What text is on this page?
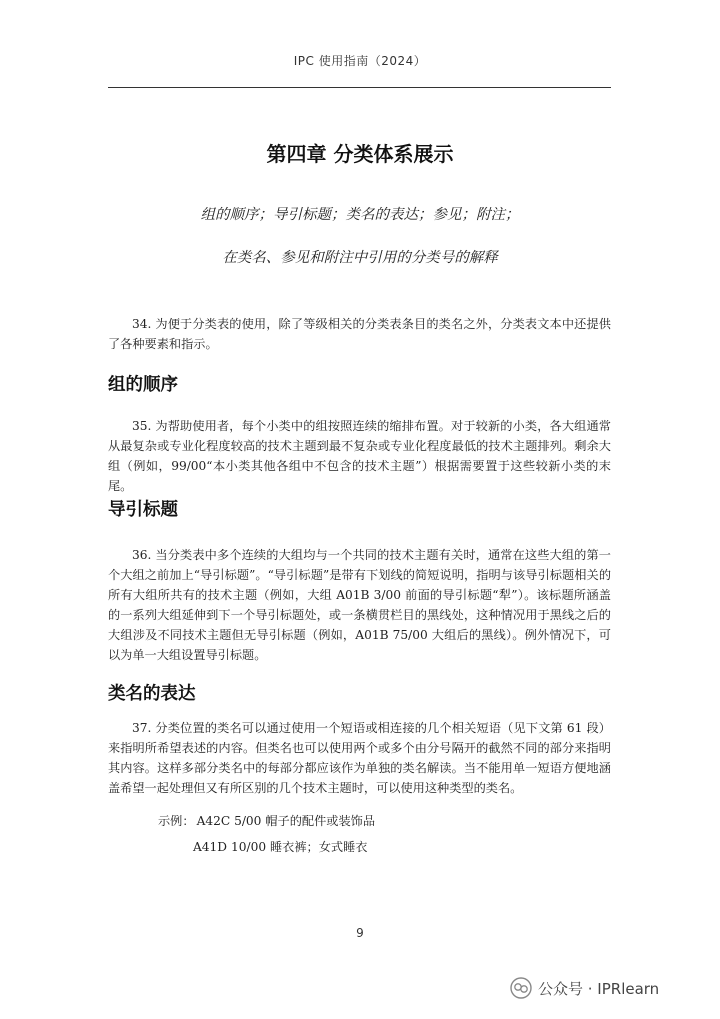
IPC 使用指南（2024）
第四章 分类体系展示
组的顺序；导引标题；类名的表达；参见；附注；
在类名、参见和附注中引用的分类号的解释

34. 为便于分类表的使用，除了等级相关的分类表条目的类名之外，分类表文本中还提供了各种要素和指示。

组的顺序

35. 为帮助使用者，每个小类中的组按照连续的缩排布置。对于较新的小类，各大组通常从最复杂或专业化程度较高的技术主题到最不复杂或专业化程度最低的技术主题排列。剩余大组（例如，99/00“本小类其他各组中不包含的技术主题”）根据需要置于这些较新小类的末尾。

导引标题

36. 当分类表中多个连续的大组均与一个共同的技术主题有关时，通常在这些大组的第一个大组之前加上“导引标题”。“导引标题”是带有下划线的简短说明，指明与该导引标题相关的所有大组所共有的技术主题（例如，大组 A01B 3/00 前面的导引标题“犁”）。该标题所涵盖的一系列大组延伸到下一个导引标题处，或一条横贯栏目的黑线处，这种情况用于黑线之后的大组涉及不同技术主题但无导引标题（例如，A01B 75/00 大组后的黑线）。例外情况下，可以为单一大组设置导引标题。

类名的表达

37. 分类位置的类名可以通过使用一个短语或相连接的几个相关短语（见下文第 61 段）来指明所希望表述的内容。但类名也可以使用两个或多个由分号隔开的截然不同的部分来指明其内容。这样多部分类名中的每部分都应该作为单独的类名解读。当不能用单一短语方便地涵盖希望一起处理但又有所区别的几个技术主题时，可以使用这种类型的类名。

示例： A42C 5/00 帽子的配件或装饰品
A41D 10/00 睡衣裤；女式睡衣
9
公众号 · IPRlearn
